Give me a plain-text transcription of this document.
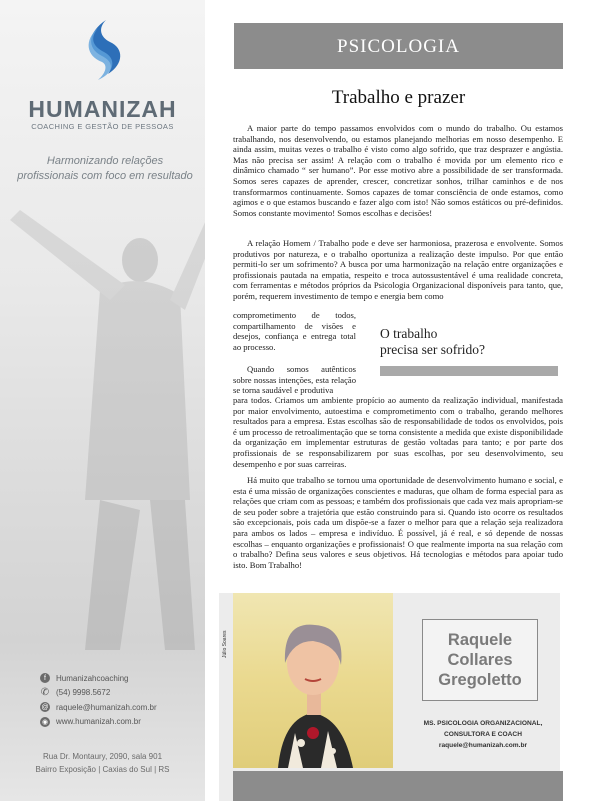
HUMANIZAH
COACHING E GESTÃO DE PESSOAS
Harmonizando relações
profissionais com foco em resultado
f	Humanizahcoaching
✆ (54) 9998.5672
@ raquele@humanizah.com.br
◉ www.humanizah.com.br
Rua Dr. Montaury, 2090, sala 901
Bairro Exposição | Caxias do Sul | RS
PSICOLOGIA
Trabalho e prazer

A maior parte do tempo passamos envolvidos com o mundo do trabalho. Ou estamos trabalhando, nos desenvolvendo, ou estamos planejando melhorias em nosso desempenho. E ainda assim, muitas vezes o trabalho é visto como algo sofrido, que traz desprazer e angústia. Mas não precisa ser assim! A relação com o trabalho é movida por um elemento rico e dinâmico chamado “ ser humano”. Por esse motivo abre a possibilidade de ser transformada. Somos seres capazes de aprender, crescer, concretizar sonhos, trilhar caminhos e de nos transformarmos continuamente. Somos capazes de tomar consciência de onde estamos, como agimos e o que estamos buscando e fazer algo com isto! Não somos estáticos ou pré-definidos. Somos constante movimento! Somos escolhas e decisões!

A relação Homem / Trabalho pode e deve ser harmoniosa, prazerosa e envolvente. Somos produtivos por natureza, e o trabalho oportuniza a realização deste impulso. Por que então permiti-lo ser um sofrimento? A busca por uma harmonização na relação entre organizações e profissionais pautada na empatia, respeito e troca autossustentável é uma realidade concreta, com ferramentas e métodos próprios da Psicologia Organizacional disponíveis para tanto, que, porém, requerem investimento de tempo e energia bem como

comprometimento de todos, compartilhamento de visões e desejos, confiança e entrega total ao processo.

Quando somos autênticos sobre nossas intenções, esta relação se torna saudável e produtiva

para todos. Criamos um ambiente propício ao aumento da realização individual, manifestada por maior envolvimento, autoestima e comprometimento com o trabalho, gerando melhores resultados para a empresa. Estas escolhas são de responsabilidade de todos os envolvidos, pois é um processo de retroalimentação que se torna consistente a medida que existe disponibilidade da organização em implementar estruturas de gestão voltadas para tanto; e por parte dos profissionais de se responsabilizarem por suas escolhas, por seu desenvolvimento, seu desempenho e por suas carreiras.

Há muito que trabalho se tornou uma oportunidade de desenvolvimento humano e social, e esta é uma missão de organizações conscientes e maduras, que olham de forma especial para as relações que criam com as pessoas; e também dos profissionais que cada vez mais apropriam-se de seu poder sobre a trajetória que estão construindo para si. Quando isto ocorre os resultados são excepcionais, pois cada um dispõe-se a fazer o melhor para que a relação seja realizadora para ambos os lados – empresa e indivíduo. É possível, já é real, e só depende de nossas escolhas – enquanto organizações e profissionais! O que realmente importa na sua relação com o trabalho? Defina seus valores e seus objetivos. Há tecnologias e métodos para apoiar tudo isto. Bom Trabalho!

O trabalho
precisa ser sofrido?
Júlio Soares	Raquele
Collares
Gregoletto
MS. PSICOLOGIA ORGANIZACIONAL,
CONSULTORA E COACH
raquele@humanizah.com.br
